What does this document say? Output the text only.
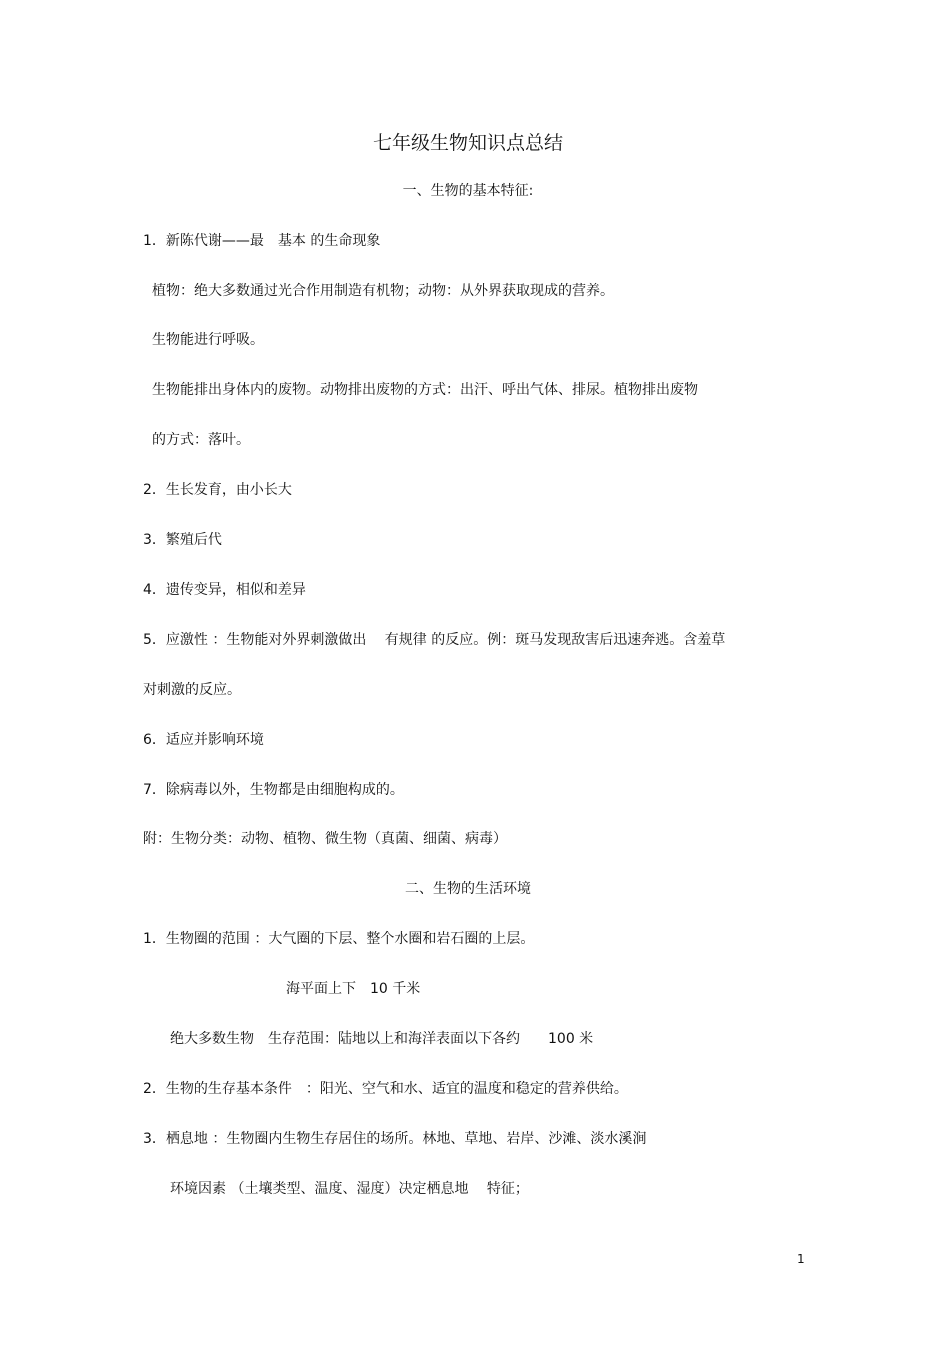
七年级生物知识点总结
一、生物的基本特征:
1．新陈代谢——最　基本 的生命现象
植物：绝大多数通过光合作用制造有机物；动物：从外界获取现成的营养。
生物能进行呼吸。
生物能排出身体内的废物。动物排出废物的方式：出汗、呼出气体、排尿。植物排出废物
的方式：落叶。
2．生长发育，由小长大
3．繁殖后代
4．遗传变异，相似和差异
5．应激性 ：生物能对外界刺激做出　 有规律 的反应。例：斑马发现敌害后迅速奔逃。含羞草
对刺激的反应。
6．适应并影响环境
7．除病毒以外，生物都是由细胞构成的。
附：生物分类：动物、植物、微生物（真菌、细菌、病毒）
二、生物的生活环境
1．生物圈的范围 ：大气圈的下层、整个水圈和岩石圈的上层。
海平面上下　10 千米
绝大多数生物　生存范围：陆地以上和海洋表面以下各约　　100 米
2．生物的生存基本条件　：阳光、空气和水、适宜的温度和稳定的营养供给。
3．栖息地 ：生物圈内生物生存居住的场所。林地、草地、岩岸、沙滩、淡水溪涧
环境因素 （土壤类型、温度、湿度）决定栖息地　 特征；
1
